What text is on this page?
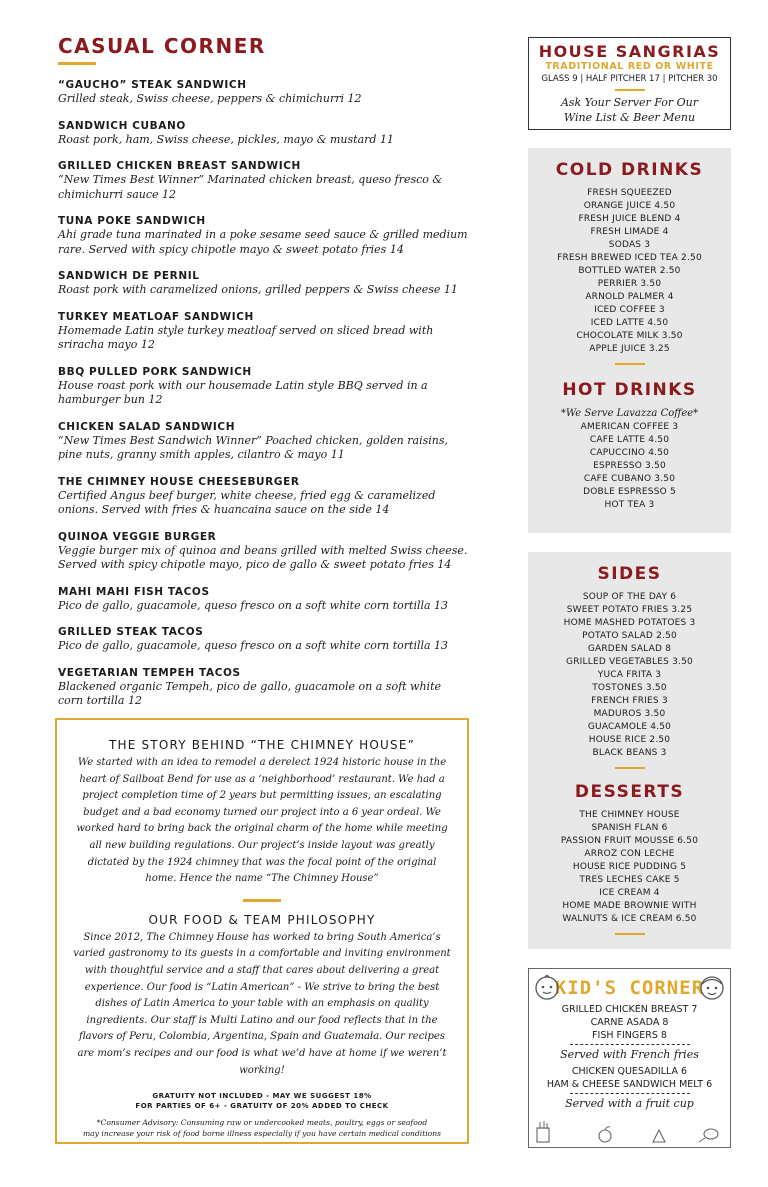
CASUAL CORNER
“GAUCHO” STEAK SANDWICH
Grilled steak, Swiss cheese, peppers & chimichurri 12
SANDWICH CUBANO
Roast pork, ham, Swiss cheese, pickles, mayo & mustard 11
GRILLED CHICKEN BREAST SANDWICH
“New Times Best Winner” Marinated chicken breast, queso fresco & chimichurri sauce 12
TUNA POKE SANDWICH
Ahi grade tuna marinated in a poke sesame seed sauce & grilled medium rare. Served with spicy chipotle mayo & sweet potato fries 14
SANDWICH DE PERNIL
Roast pork with caramelized onions, grilled peppers & Swiss cheese 11
TURKEY MEATLOAF SANDWICH
Homemade Latin style turkey meatloaf served on sliced bread with sriracha mayo 12
BBQ PULLED PORK SANDWICH
House roast pork with our housemade Latin style BBQ served in a hamburger bun 12
CHICKEN SALAD SANDWICH
“New Times Best Sandwich Winner” Poached chicken, golden raisins, pine nuts, granny smith apples, cilantro & mayo 11
THE CHIMNEY HOUSE CHEESEBURGER
Certified Angus beef burger, white cheese, fried egg & caramelized onions. Served with fries & huancaina sauce on the side 14
QUINOA VEGGIE BURGER
Veggie burger mix of quinoa and beans grilled with melted Swiss cheese. Served with spicy chipotle mayo, pico de gallo & sweet potato fries 14
MAHI MAHI FISH TACOS
Pico de gallo, guacamole, queso fresco on a soft white corn tortilla 13
GRILLED STEAK TACOS
Pico de gallo, guacamole, queso fresco on a soft white corn tortilla 13
VEGETARIAN TEMPEH TACOS
Blackened organic Tempeh, pico de gallo, guacamole on a soft white corn tortilla 12
THE STORY BEHIND “THE CHIMNEY HOUSE”
We started with an idea to remodel a derelect 1924 historic house in the heart of Sailboat Bend for use as a ‘neighborhood’ restaurant. We had a project completion time of 2 years but permitting issues, an escalating budget and a bad economy turned our project into a 6 year ordeal. We worked hard to bring back the original charm of the home while meeting all new building regulations. Our project’s inside layout was greatly dictated by the 1924 chimney that was the focal point of the original home. Hence the name “The Chimney House”
OUR FOOD & TEAM PHILOSOPHY
Since 2012, The Chimney House has worked to bring South America’s varied gastronomy to its guests in a comfortable and inviting environment with thoughtful service and a staff that cares about delivering a great experience. Our food is “Latin American” - We strive to bring the best dishes of Latin America to your table with an emphasis on quality ingredients. Our staff is Multi Latino and our food reflects that in the flavors of Peru, Colombia, Argentina, Spain and Guatemala. Our recipes are mom’s recipes and our food is what we’d have at home if we weren’t working!
GRATUITY NOT INCLUDED - MAY WE SUGGEST 18%
FOR PARTIES OF 6+ - GRATUITY OF 20% ADDED TO CHECK
*Consumer Advisory: Consuming raw or undercooked meats, poultry, eggs or seafood
may increase your risk of food borne illness especially if you have certain medical conditions
HOUSE SANGRIAS
TRADITIONAL RED OR WHITE
GLASS 9 | HALF PITCHER 17 | PITCHER 30
Ask Your Server For Our
Wine List & Beer Menu
COLD DRINKS
FRESH SQUEEZED
ORANGE JUICE 4.50
FRESH JUICE BLEND 4
FRESH LIMADE 4
SODAS 3
FRESH BREWED ICED TEA 2.50
BOTTLED WATER 2.50
PERRIER 3.50
ARNOLD PALMER 4
ICED COFFEE 3
ICED LATTE 4.50
CHOCOLATE MILK 3.50
APPLE JUICE 3.25
HOT DRINKS
*We Serve Lavazza Coffee*
AMERICAN COFFEE 3
CAFE LATTE 4.50
CAPUCCINO 4.50
ESPRESSO 3.50
CAFE CUBANO 3.50
DOBLE ESPRESSO 5
HOT TEA 3
SIDES
SOUP OF THE DAY 6
SWEET POTATO FRIES 3.25
HOME MASHED POTATOES 3
POTATO SALAD 2.50
GARDEN SALAD 8
GRILLED VEGETABLES 3.50
YUCA FRITA 3
TOSTONES 3.50
FRENCH FRIES 3
MADUROS 3.50
GUACAMOLE 4.50
HOUSE RICE 2.50
BLACK BEANS 3
DESSERTS
THE CHIMNEY HOUSE
SPANISH FLAN 6
PASSION FRUIT MOUSSE 6.50
ARROZ CON LECHE
HOUSE RICE PUDDING 5
TRES LECHES CAKE 5
ICE CREAM 4
HOME MADE BROWNIE WITH
WALNUTS & ICE CREAM 6.50
KID'S CORNER
GRILLED CHICKEN BREAST 7
CARNE ASADA 8
FISH FINGERS 8
Served with French fries
CHICKEN QUESADILLA 6
HAM & CHEESE SANDWICH MELT 6
Served with a fruit cup
